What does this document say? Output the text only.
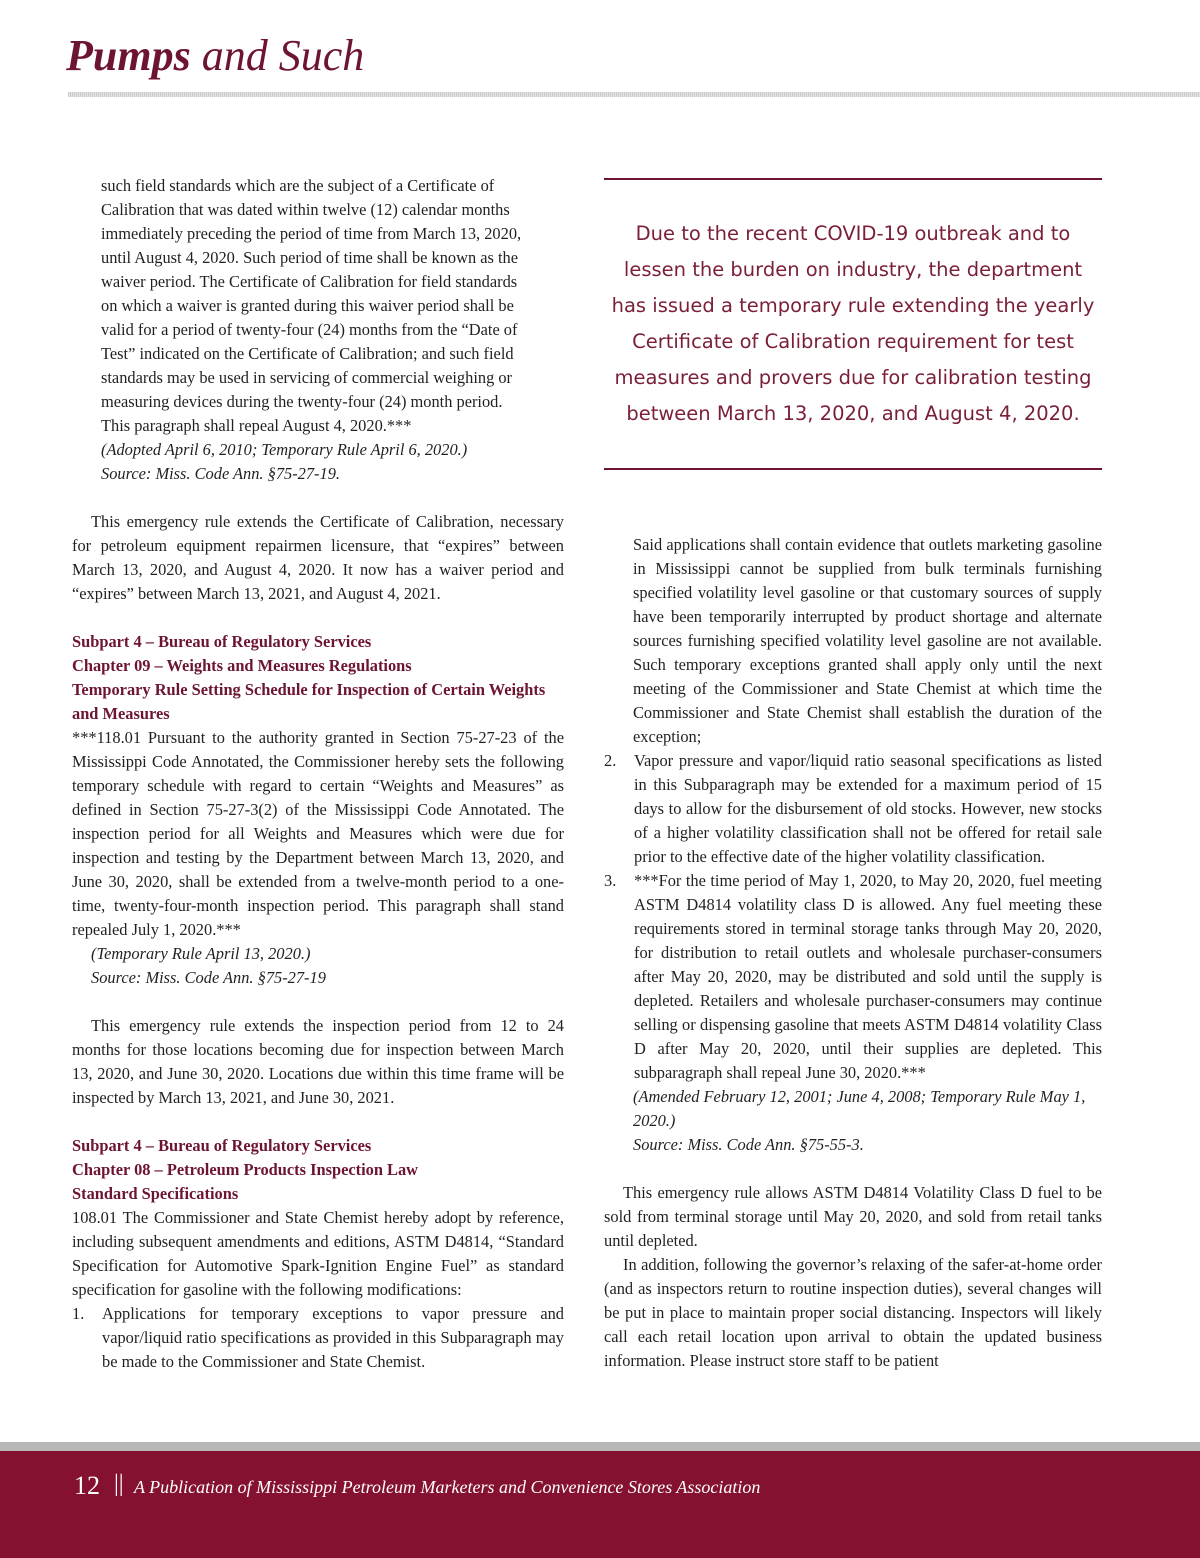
Pumps and Such
such field standards which are the subject of a Certificate of
Calibration that was dated within twelve (12) calendar months
immediately preceding the period of time from March 13, 2020,
until August 4, 2020. Such period of time shall be known as the
waiver period. The Certificate of Calibration for field standards
on which a waiver is granted during this waiver period shall be
valid for a period of twenty-four (24) months from the “Date of
Test” indicated on the Certificate of Calibration; and such field
standards may be used in servicing of commercial weighing or
measuring devices during the twenty-four (24) month period.
This paragraph shall repeal August 4, 2020.***
(Adopted April 6, 2010; Temporary Rule April 6, 2020.)
Source: Miss. Code Ann. §75-27-19.

This emergency rule extends the Certificate of Calibration, necessary for petroleum equipment repairmen licensure, that “expires” between March 13, 2020, and August 4, 2020. It now has a waiver period and “expires” between March 13, 2021, and August 4, 2021.

Subpart 4 – Bureau of Regulatory Services
Chapter 09 – Weights and Measures Regulations
Temporary Rule Setting Schedule for Inspection of Certain Weights and Measures

***118.01 Pursuant to the authority granted in Section 75-27-23 of the Mississippi Code Annotated, the Commissioner hereby sets the following temporary schedule with regard to certain “Weights and Measures” as defined in Section 75-27-3(2) of the Mississippi Code Annotated. The inspection period for all Weights and Measures which were due for inspection and testing by the Department between March 13, 2020, and June 30, 2020, shall be extended from a twelve-month period to a one-time, twenty-four-month inspection period. This paragraph shall stand repealed July 1, 2020.***

(Temporary Rule April 13, 2020.)
Source: Miss. Code Ann. §75-27-19

This emergency rule extends the inspection period from 12 to 24 months for those locations becoming due for inspection between March 13, 2020, and June 30, 2020. Locations due within this time frame will be inspected by March 13, 2021, and June 30, 2021.

Subpart 4 – Bureau of Regulatory Services
Chapter 08 – Petroleum Products Inspection Law
Standard Specifications

108.01 The Commissioner and State Chemist hereby adopt by reference, including subsequent amendments and editions, ASTM D4814, “Standard Specification for Automotive Spark-Ignition Engine Fuel” as standard specification for gasoline with the following modifications:

1.	Applications for temporary exceptions to vapor pressure and vapor/liquid ratio specifications as provided in this Subparagraph may be made to the Commissioner and State Chemist.

Due to the recent COVID-19 outbreak and to lessen the burden on industry, the department has issued a temporary rule extending the yearly Certificate of Calibration requirement for test measures and provers due for calibration testing between March 13, 2020, and August 4, 2020.

Said applications shall contain evidence that outlets marketing gasoline in Mississippi cannot be supplied from bulk terminals furnishing specified volatility level gasoline or that customary sources of supply have been temporarily interrupted by product shortage and alternate sources furnishing specified volatility level gasoline are not available. Such temporary exceptions granted shall apply only until the next meeting of the Commissioner and State Chemist at which time the Commissioner and State Chemist shall establish the duration of the exception;
2.	Vapor pressure and vapor/liquid ratio seasonal specifications as listed in this Subparagraph may be extended for a maximum period of 15 days to allow for the disbursement of old stocks. However, new stocks of a higher volatility classification shall not be offered for retail sale prior to the effective date of the higher volatility classification.
3.	***For the time period of May 1, 2020, to May 20, 2020, fuel meeting ASTM D4814 volatility class D is allowed. Any fuel meeting these requirements stored in terminal storage tanks through May 20, 2020, for distribution to retail outlets and wholesale purchaser-consumers after May 20, 2020, may be distributed and sold until the supply is depleted. Retailers and wholesale purchaser-consumers may continue selling or dispensing gasoline that meets ASTM D4814 volatility Class D after May 20, 2020, until their supplies are depleted. This subparagraph shall repeal June 30, 2020.***
(Amended February 12, 2001; June 4, 2008; Temporary Rule May 1, 2020.)
Source: Miss. Code Ann. §75-55-3.

This emergency rule allows ASTM D4814 Volatility Class D fuel to be sold from terminal storage until May 20, 2020, and sold from retail tanks until depleted.

In addition, following the governor’s relaxing of the safer-at-home order (and as inspectors return to routine inspection duties), several changes will be put in place to maintain proper social distancing. Inspectors will likely call each retail location upon arrival to obtain the updated business information. Please instruct store staff to be patient

12 || A Publication of Mississippi Petroleum Marketers and Convenience Stores Association
